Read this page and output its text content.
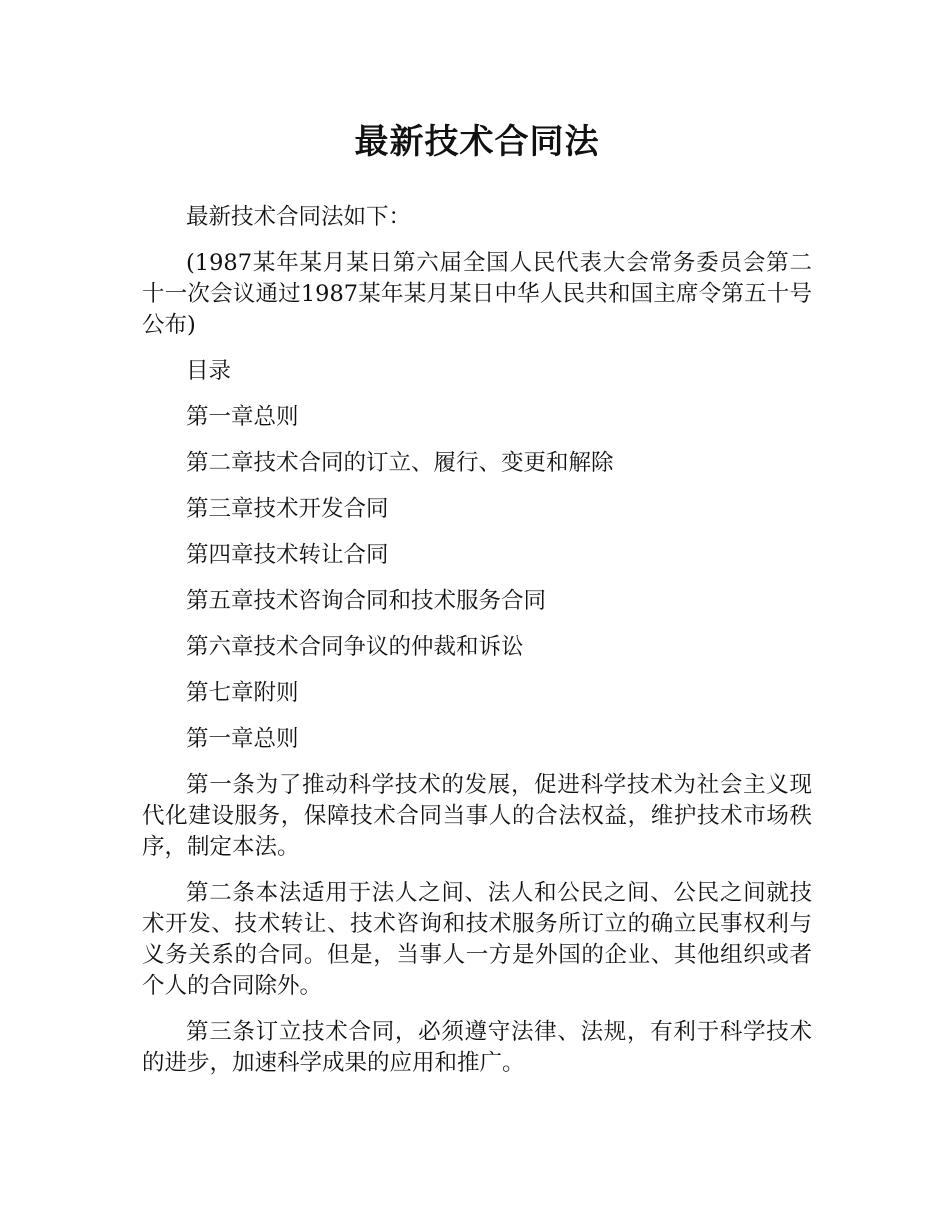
最新技术合同法

最新技术合同法如下：

(1987某年某月某日第六届全国人民代表大会常务委员会第二十一次会议通过1987某年某月某日中华人民共和国主席令第五十号公布)

目录

第一章总则

第二章技术合同的订立、履行、变更和解除

第三章技术开发合同

第四章技术转让合同

第五章技术咨询合同和技术服务合同

第六章技术合同争议的仲裁和诉讼

第七章附则

第一章总则

第一条为了推动科学技术的发展，促进科学技术为社会主义现代化建设服务，保障技术合同当事人的合法权益，维护技术市场秩序，制定本法。

第二条本法适用于法人之间、法人和公民之间、公民之间就技术开发、技术转让、技术咨询和技术服务所订立的确立民事权利与义务关系的合同。但是，当事人一方是外国的企业、其他组织或者个人的合同除外。

第三条订立技术合同，必须遵守法律、法规，有利于科学技术的进步，加速科学成果的应用和推广。
